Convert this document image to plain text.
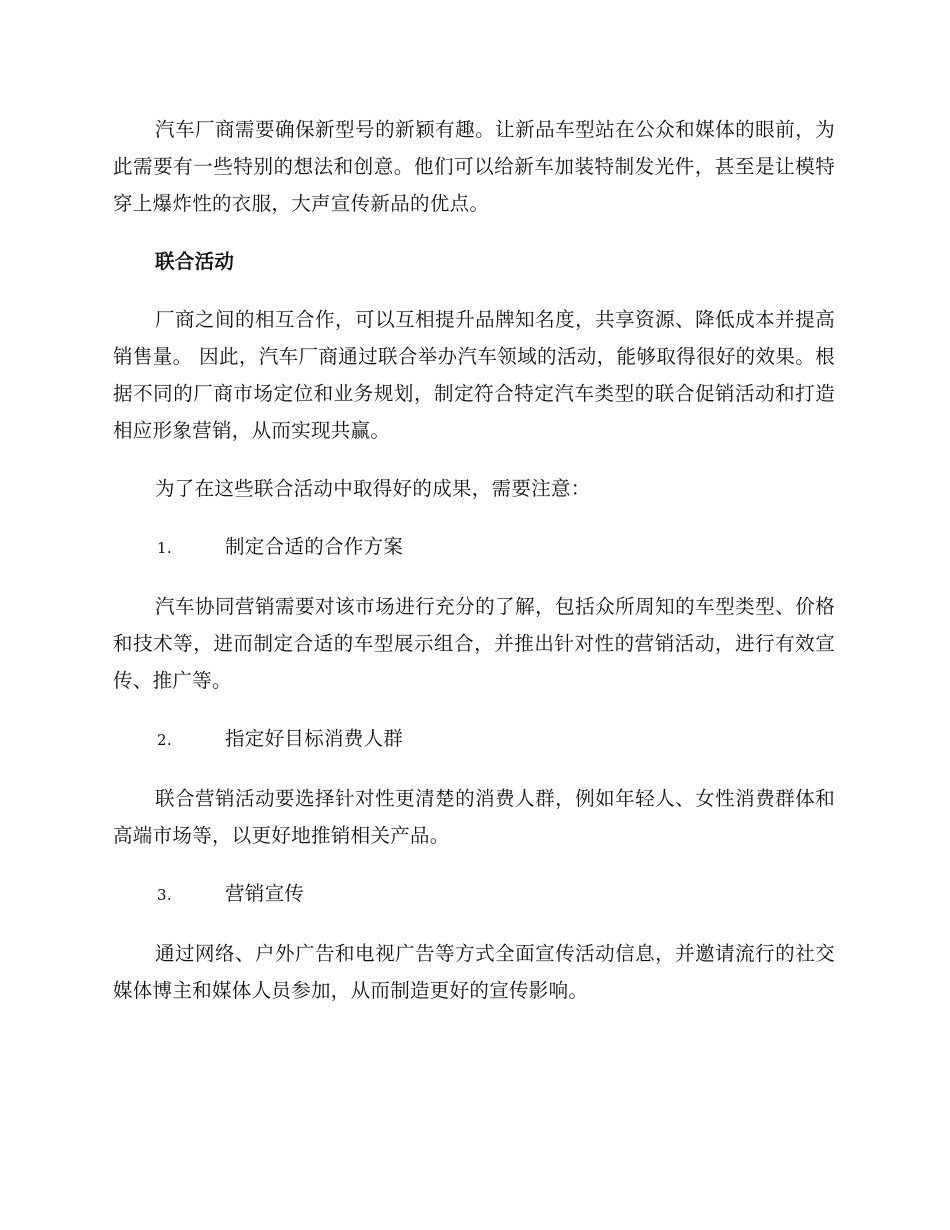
汽车厂商需要确保新型号的新颖有趣。让新品车型站在公众和媒体的眼前，为此需要有一些特别的想法和创意。他们可以给新车加装特制发光件，甚至是让模特穿上爆炸性的衣服，大声宣传新品的优点。

联合活动

厂商之间的相互合作，可以互相提升品牌知名度，共享资源、降低成本并提高销售量。 因此，汽车厂商通过联合举办汽车领域的活动，能够取得很好的效果。根据不同的厂商市场定位和业务规划，制定符合特定汽车类型的联合促销活动和打造相应形象营销，从而实现共赢。

为了在这些联合活动中取得好的成果，需要注意：

1.	制定合适的合作方案

汽车协同营销需要对该市场进行充分的了解，包括众所周知的车型类型、价格和技术等，进而制定合适的车型展示组合，并推出针对性的营销活动，进行有效宣传、推广等。

2.	指定好目标消费人群

联合营销活动要选择针对性更清楚的消费人群，例如年轻人、女性消费群体和高端市场等，以更好地推销相关产品。

3.	营销宣传

通过网络、户外广告和电视广告等方式全面宣传活动信息，并邀请流行的社交媒体博主和媒体人员参加，从而制造更好的宣传影响。
